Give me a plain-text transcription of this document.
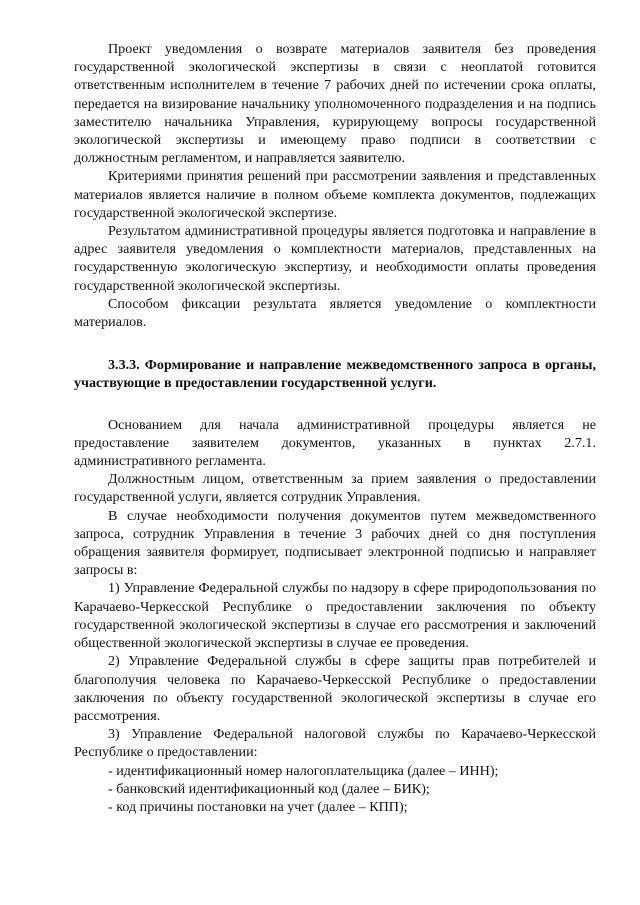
Проект уведомления о возврате материалов заявителя без проведения государственной экологической экспертизы в связи с неоплатой готовится ответственным исполнителем в течение 7 рабочих дней по истечении срока оплаты, передается на визирование начальнику уполномоченного подразделения и на подпись заместителю начальника Управления, курирующему вопросы государственной экологической экспертизы и имеющему право подписи в соответствии с должностным регламентом, и направляется заявителю.

Критериями принятия решений при рассмотрении заявления и представленных материалов является наличие в полном объеме комплекта документов, подлежащих государственной экологической экспертизе.

Результатом административной процедуры является подготовка и направление в адрес заявителя уведомления о комплектности материалов, представленных на государственную экологическую экспертизу, и необходимости оплаты проведения государственной экологической экспертизы.

Способом фиксации результата является уведомление о комплектности материалов.

3.3.3. Формирование и направление межведомственного запроса в органы, участвующие в предоставлении государственной услуги.

Основанием для начала административной процедуры является не предоставление заявителем документов, указанных в пунктах 2.7.1. административного регламента.

Должностным лицом, ответственным за прием заявления о предоставлении государственной услуги, является сотрудник Управления.

В случае необходимости получения документов путем межведомственного запроса, сотрудник Управления в течение 3 рабочих дней со дня поступления обращения заявителя формирует, подписывает электронной подписью и направляет запросы в:

1) Управление Федеральной службы по надзору в сфере природопользования по Карачаево-Черкесской Республике о предоставлении заключения по объекту государственной экологической экспертизы в случае его рассмотрения и заключений общественной экологической экспертизы в случае ее проведения.

2) Управление Федеральной службы в сфере защиты прав потребителей и благополучия человека по Карачаево-Черкесской Республике о предоставлении заключения по объекту государственной экологической экспертизы в случае его рассмотрения.

3) Управление Федеральной налоговой службы по Карачаево-Черкесской Республике о предоставлении:

- идентификационный номер налогоплательщика (далее – ИНН);

- банковский идентификационный код (далее – БИК);

- код причины постановки на учет (далее – КПП);
